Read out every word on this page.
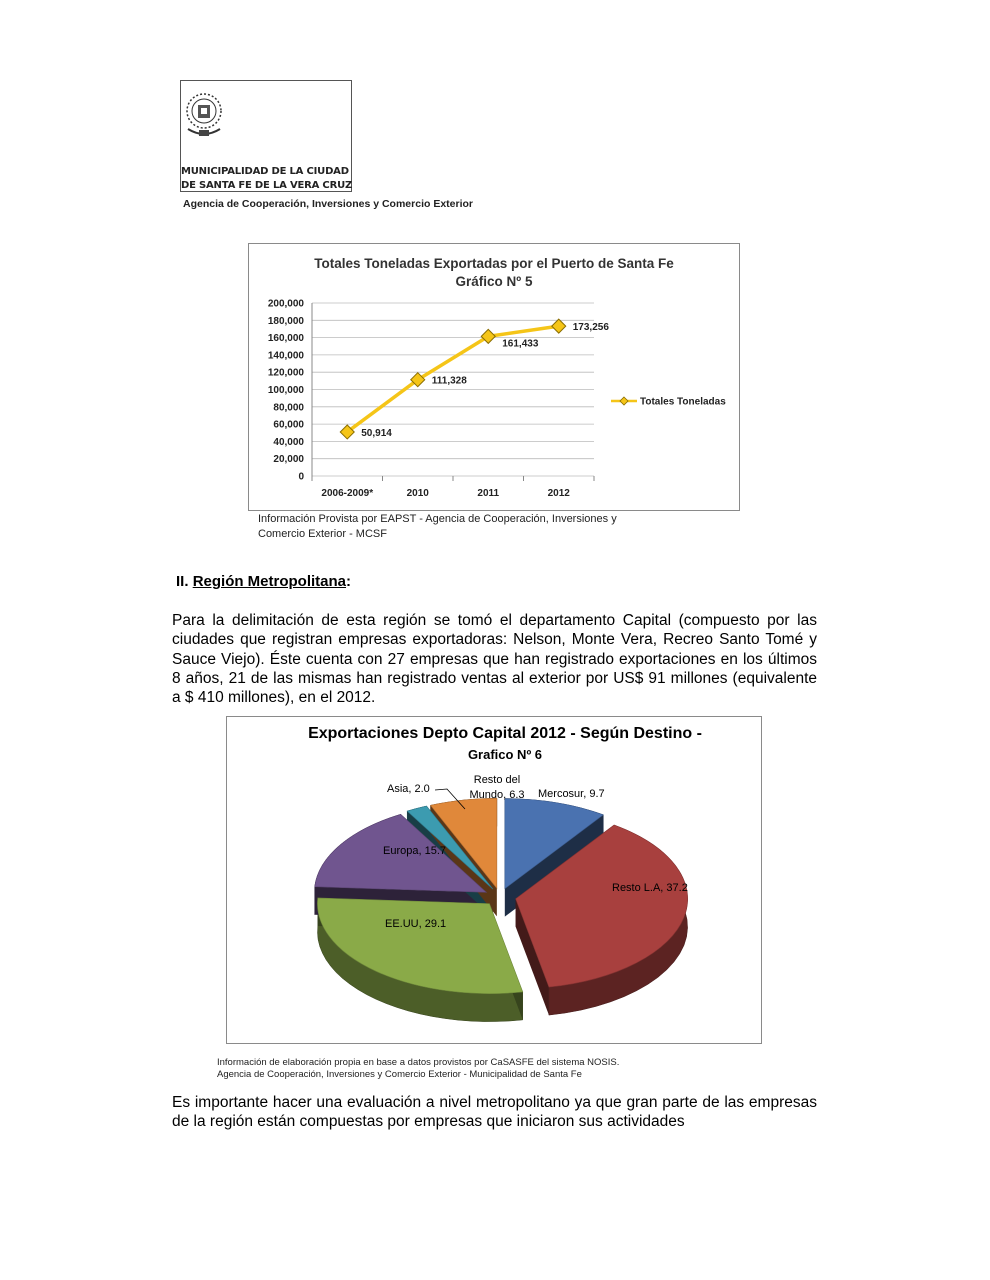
MUNICIPALIDAD DE LA CIUDAD
DE SANTA FE DE LA VERA CRUZ
Agencia de Cooperación, Inversiones y Comercio Exterior
Totales Toneladas Exportadas por el Puerto de Santa Fe
Gráfico Nº 5
0
20,000
40,000
60,000
80,000
100,000
120,000
140,000
160,000
180,000
200,000
2006-2009*	2010	2011	2012
50,914
111,328
161,433
173,256
Totales Toneladas
Información Provista por EAPST - Agencia de Cooperación, Inversiones y
Comercio Exterior - MCSF
II. Región Metropolitana:
Para la delimitación de esta región se tomó el departamento Capital (compuesto por las ciudades que registran empresas exportadoras: Nelson, Monte Vera, Recreo Santo Tomé y Sauce Viejo). Éste cuenta con 27 empresas que han registrado exportaciones en los últimos 8 años, 21 de las mismas han registrado ventas al exterior por US$ 91 millones (equivalente a $ 410 millones), en el 2012.
Exportaciones Depto Capital 2012 - Según Destino -
Grafico Nº 6
Mercosur, 9.7
Resto L.A, 37.2
EE.UU, 29.1
Europa, 15.7
Asia, 2.0
Resto del
Mundo, 6.3
Información de elaboración propia en base a datos provistos por CaSASFE del sistema NOSIS.
Agencia de Cooperación, Inversiones y Comercio Exterior - Municipalidad de Santa Fe
Es importante hacer una evaluación a nivel metropolitano ya que gran parte de las empresas de la región están compuestas por empresas que iniciaron sus actividades
